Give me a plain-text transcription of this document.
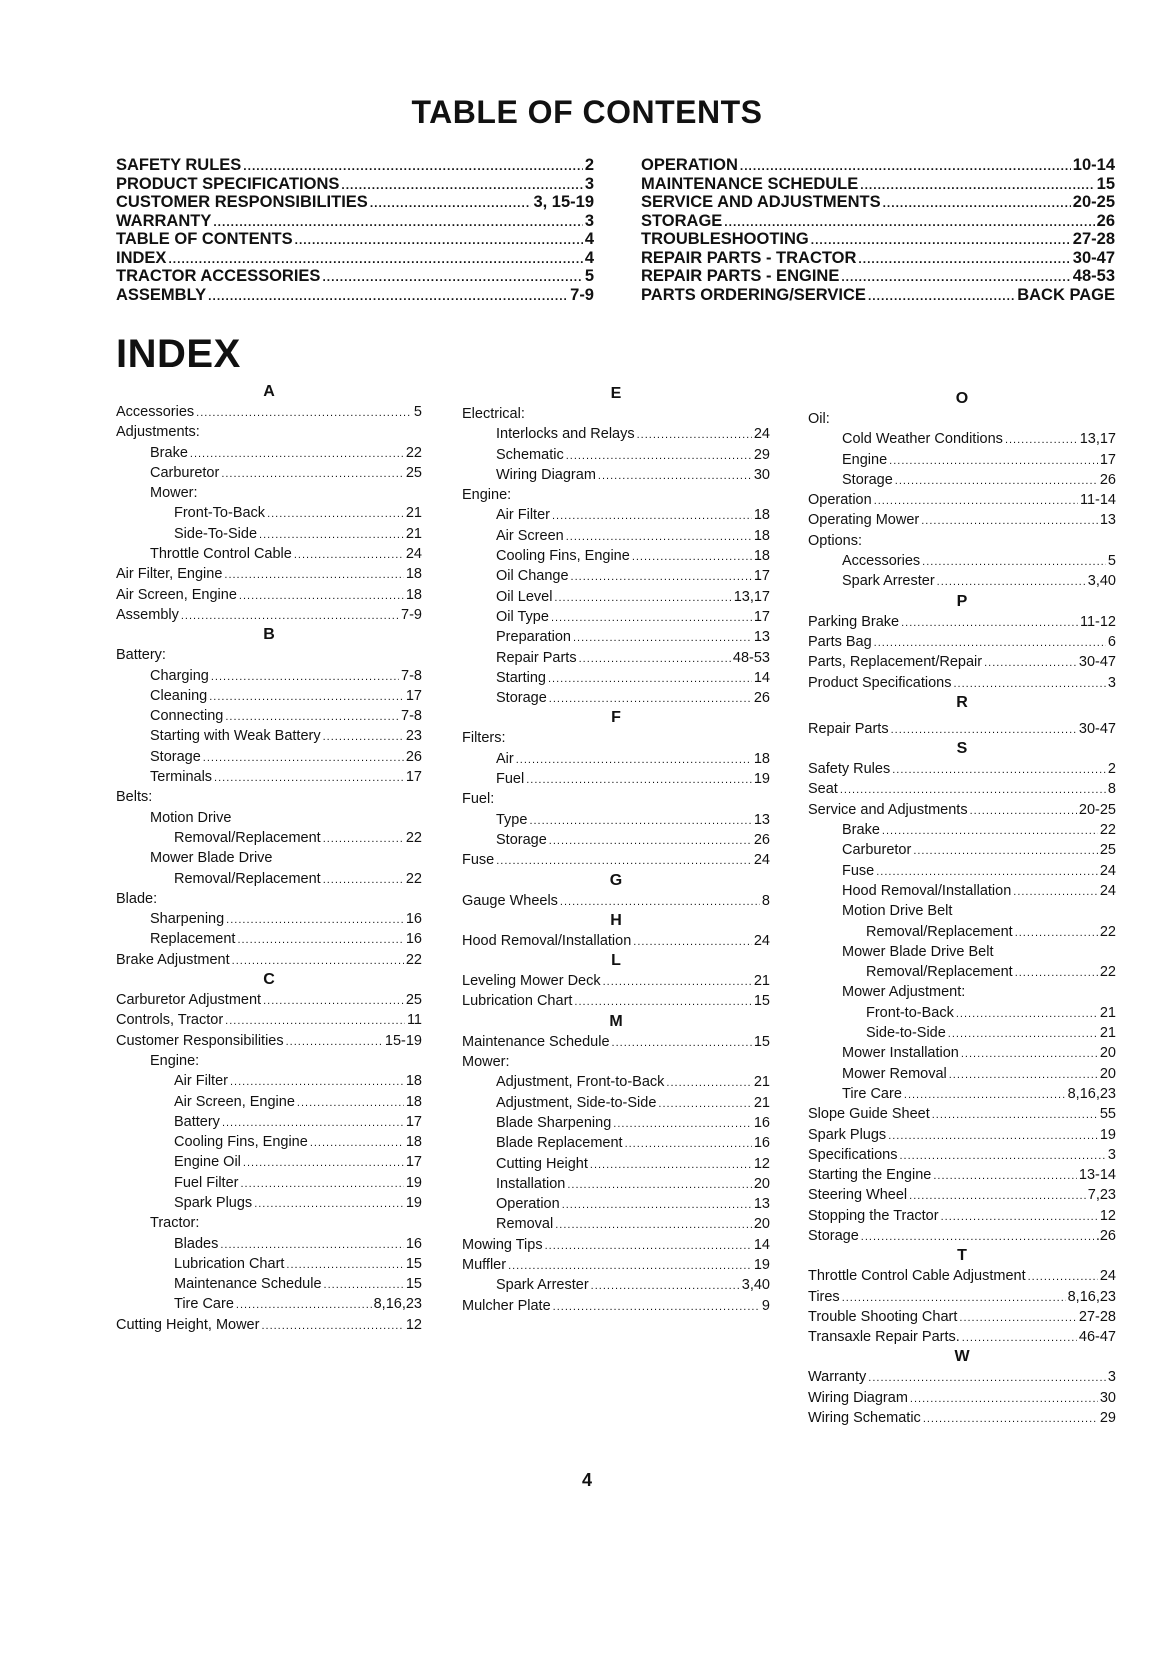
TABLE OF CONTENTS
SAFETY RULES .....	2
PRODUCT SPECIFICATIONS .....	3
CUSTOMER RESPONSIBILITIES .....	3, 15-19
WARRANTY .....	3
TABLE OF CONTENTS .....	4
INDEX .....	4
TRACTOR ACCESSORIES .....	5
ASSEMBLY .....	7-9
OPERATION .....	10-14
MAINTENANCE SCHEDULE .....	15
SERVICE AND ADJUSTMENTS .....	20-25
STORAGE .....	26
TROUBLESHOOTING .....	27-28
REPAIR PARTS - TRACTOR .....	30-47
REPAIR PARTS - ENGINE .....	48-53
PARTS ORDERING/SERVICE .....	BACK PAGE
INDEX
A
Accessories .....	5
Adjustments:
Brake .....	22
Carburetor .....	25
Mower:
Front-To-Back .....	21
Side-To-Side .....	21
Throttle Control Cable .....	24
Air Filter, Engine .....	18
Air Screen, Engine .....	18
Assembly .....	7-9
B
Battery:
Charging .....	7-8
Cleaning .....	17
Connecting .....	7-8
Starting with Weak Battery .....	23
Storage .....	26
Terminals .....	17
Belts:
Motion Drive
Removal/Replacement .....	22
Mower Blade Drive
Removal/Replacement .....	22
Blade:
Sharpening .....	16
Replacement .....	16
Brake Adjustment .....	22
C
Carburetor Adjustment .....	25
Controls, Tractor .....	11
Customer Responsibilities .....	15-19
Engine:
Air Filter .....	18
Air Screen, Engine .....	18
Battery .....	17
Cooling Fins, Engine .....	18
Engine Oil .....	17
Fuel Filter .....	19
Spark Plugs .....	19
Tractor:
Blades .....	16
Lubrication Chart .....	15
Maintenance Schedule .....	15
Tire Care .....	8,16,23
Cutting Height, Mower .....	12
E
Electrical:
Interlocks and Relays .....	24
Schematic .....	29
Wiring Diagram .....	30
Engine:
Air Filter .....	18
Air Screen .....	18
Cooling Fins, Engine .....	18
Oil Change .....	17
Oil Level .....	13,17
Oil Type .....	17
Preparation .....	13
Repair Parts .....	48-53
Starting .....	14
Storage .....	26
F
Filters:
Air .....	18
Fuel .....	19
Fuel:
Type .....	13
Storage .....	26
Fuse .....	24
G
Gauge Wheels .....	8
H
Hood Removal/Installation .....	24
L
Leveling Mower Deck .....	21
Lubrication Chart .....	15
M
Maintenance Schedule .....	15
Mower:
Adjustment, Front-to-Back .....	21
Adjustment, Side-to-Side .....	21
Blade Sharpening .....	16
Blade Replacement .....	16
Cutting Height .....	12
Installation .....	20
Operation .....	13
Removal .....	20
Mowing Tips .....	14
Muffler .....	19
Spark Arrester .....	3,40
Mulcher Plate .....	9
O
Oil:
Cold Weather Conditions .....	13,17
Engine .....	17
Storage .....	26
Operation .....	11-14
Operating Mower .....	13
Options:
Accessories .....	5
Spark Arrester .....	3,40
P
Parking Brake .....	11-12
Parts Bag .....	6
Parts, Replacement/Repair .....	30-47
Product Specifications .....	3
R
Repair Parts .....	30-47
S
Safety Rules .....	2
Seat .....	8
Service and Adjustments .....	20-25
Brake .....	22
Carburetor .....	25
Fuse .....	24
Hood Removal/Installation .....	24
Motion Drive Belt
Removal/Replacement .....	22
Mower Blade Drive Belt
Removal/Replacement .....	22
Mower Adjustment:
Front-to-Back .....	21
Side-to-Side .....	21
Mower Installation .....	20
Mower Removal .....	20
Tire Care .....	8,16,23
Slope Guide Sheet .....	55
Spark Plugs .....	19
Specifications .....	3
Starting the Engine .....	13-14
Steering Wheel .....	7,23
Stopping the Tractor .....	12
Storage .....	.26
T
Throttle Control Cable Adjustment .....	24
Tires .....	8,16,23
Trouble Shooting Chart .....	27-28
Transaxle Repair Parts. .....	46-47
W
Warranty .....	3
Wiring Diagram .....	30
Wiring Schematic .....	29
4
